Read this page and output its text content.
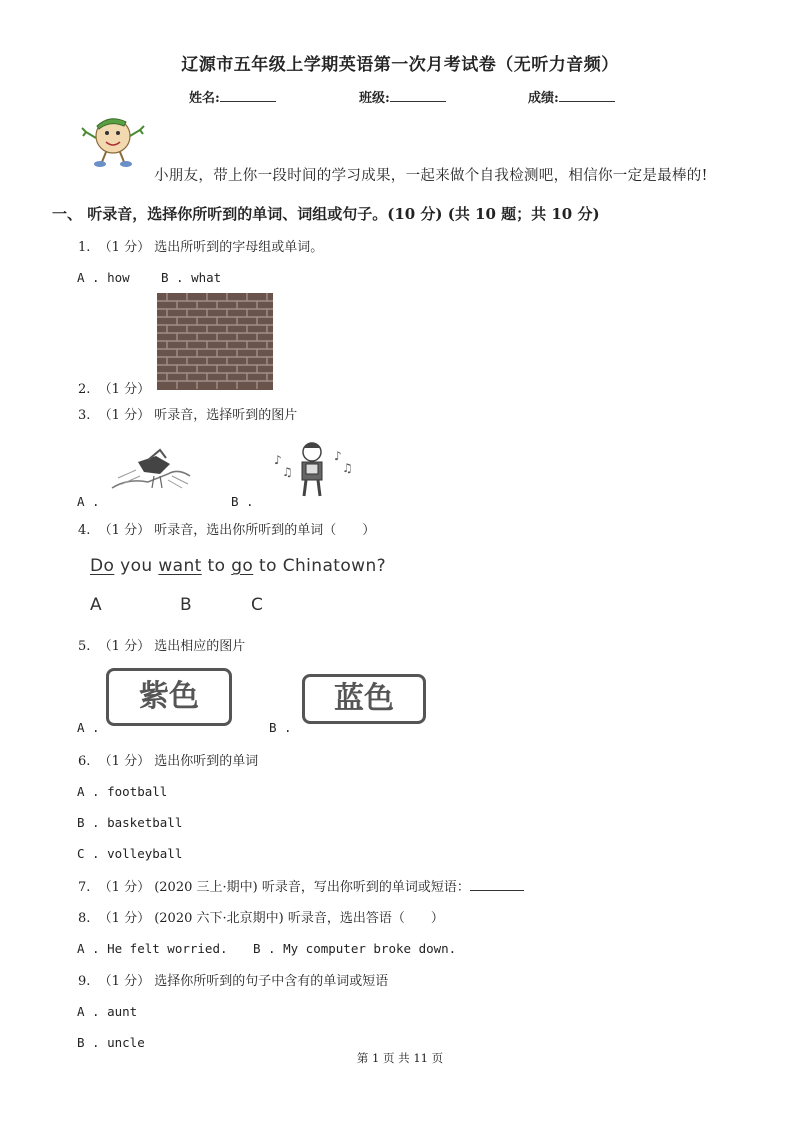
辽源市五年级上学期英语第一次月考试卷（无听力音频）
姓名:	班级:	成绩:
小朋友，带上你一段时间的学习成果，一起来做个自我检测吧，相信你一定是最棒的!
一、 听录音，选择你所听到的单词、词组或句子。(10 分) (共 10 题；共 10 分)
1. （1 分） 选出所听到的字母组或单词。
A . how	B . what
2. （1 分）
3. （1 分） 听录音，选择听到的图片
♪
♫
♪
♫
A .	B .
4. （1 分） 听录音，选出你所听到的单词（　　）
Do you want to go to Chinatown?
A	B	C
5. （1 分） 选出相应的图片
紫色	蓝色
A .	B .
6. （1 分） 选出你听到的单词
A . football
B . basketball
C . volleyball
7. （1 分） (2020 三上·期中) 听录音，写出你听到的单词或短语：
8. （1 分） (2020 六下·北京期中) 听录音，选出答语（　　）
A . He felt worried. B . My computer broke down.
9. （1 分） 选择你所听到的句子中含有的单词或短语
A . aunt
B . uncle
第 1 页 共 11 页
